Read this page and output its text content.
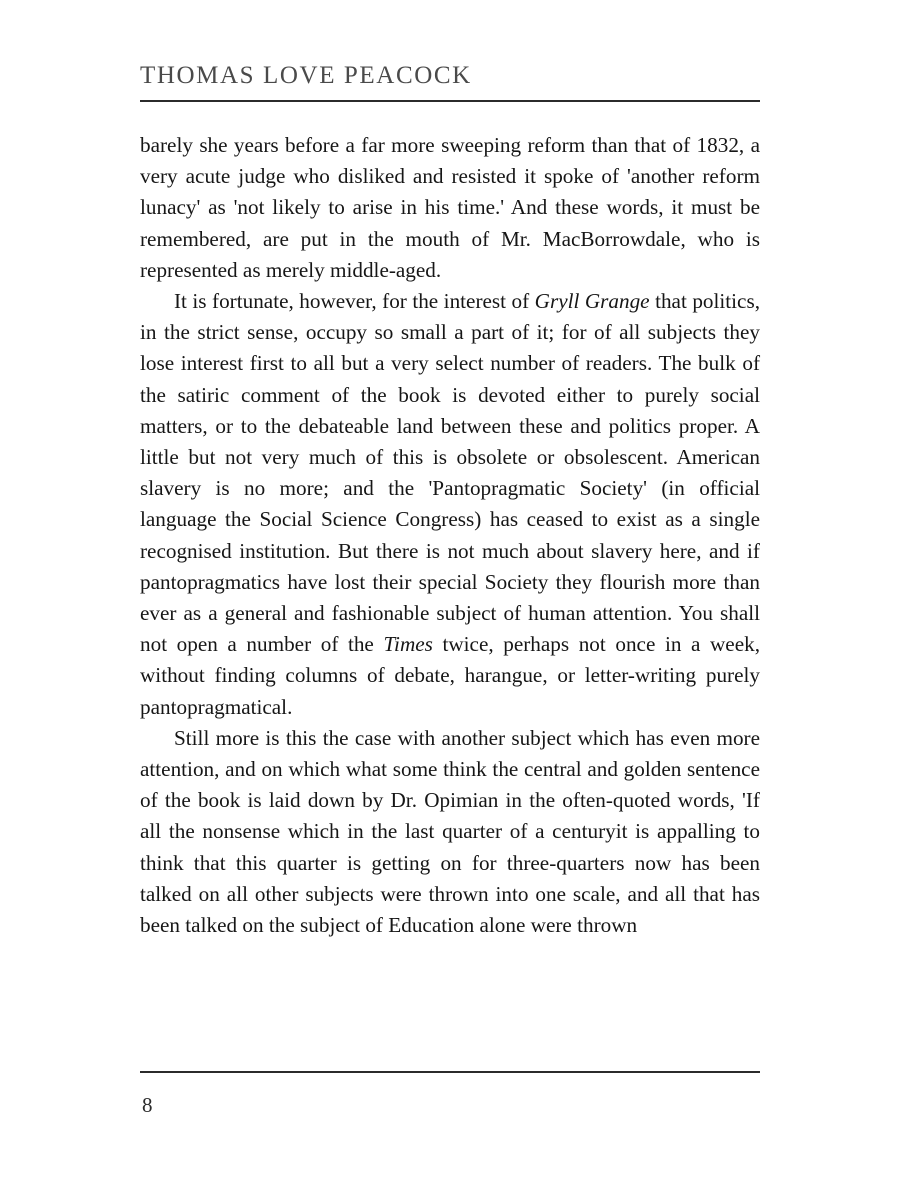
THOMAS LOVE PEACOCK

barely she years before a far more sweeping reform than that of 1832, a very acute judge who disliked and resisted it spoke of 'another reform lunacy' as 'not likely to arise in his time.' And these words, it must be remembered, are put in the mouth of Mr. MacBorrowdale, who is represented as merely middle-aged.

It is fortunate, however, for the interest of Gryll Grange that politics, in the strict sense, occupy so small a part of it; for of all subjects they lose interest first to all but a very select number of readers. The bulk of the satiric comment of the book is devoted either to purely social matters, or to the debateable land between these and politics proper. A little but not very much of this is obsolete or obsolescent. American slavery is no more; and the 'Pantopragmatic Society' (in official language the Social Science Congress) has ceased to exist as a single recognised institution. But there is not much about slavery here, and if pantopragmatics have lost their special Society they flourish more than ever as a general and fashionable subject of human attention. You shall not open a number of the Times twice, perhaps not once in a week, without finding columns of debate, harangue, or letter-writing purely pantopragmatical.

Still more is this the case with another subject which has even more attention, and on which what some think the central and golden sentence of the book is laid down by Dr. Opimian in the often-quoted words, 'If all the nonsense which in the last quarter of a centuryit is appalling to think that this quarter is getting on for three-quarters now has been talked on all other subjects were thrown into one scale, and all that has been talked on the subject of Education alone were thrown

8
